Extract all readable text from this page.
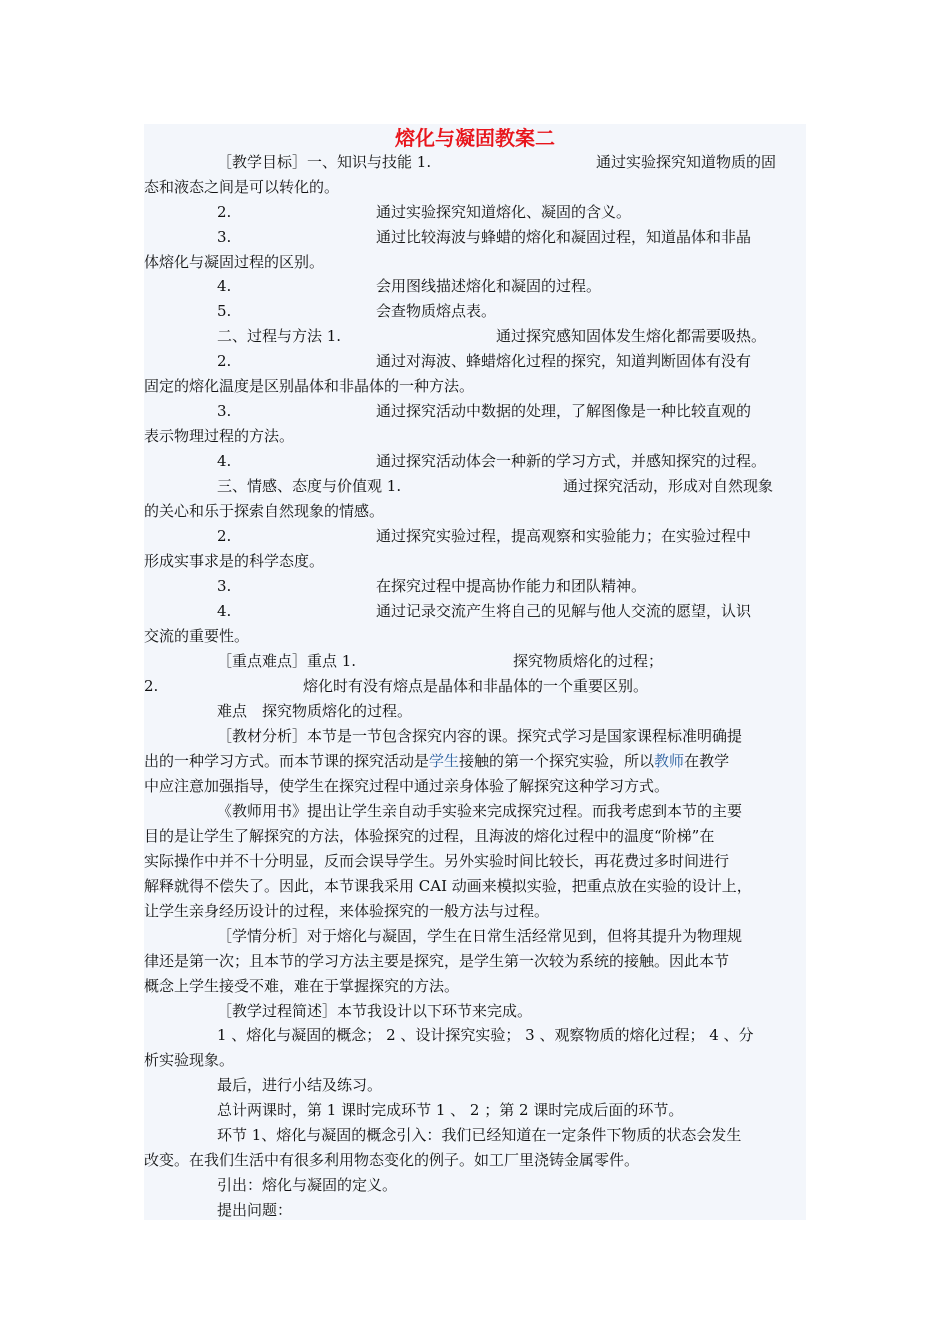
熔化与凝固教案二
［教学目标］一、知识与技能 1.	通过实验探究知道物质的固
态和液态之间是可以转化的。
2.	通过实验探究知道熔化、凝固的含义。
3.	通过比较海波与蜂蜡的熔化和凝固过程，知道晶体和非晶
体熔化与凝固过程的区别。
4.	会用图线描述熔化和凝固的过程。
5.	会查物质熔点表。
二、过程与方法 1.	通过探究感知固体发生熔化都需要吸热。
2.	通过对海波、蜂蜡熔化过程的探究，知道判断固体有没有
固定的熔化温度是区别晶体和非晶体的一种方法。
3.	通过探究活动中数据的处理，了解图像是一种比较直观的
表示物理过程的方法。
4.	通过探究活动体会一种新的学习方式，并感知探究的过程。
三、情感、态度与价值观 1.	通过探究活动，形成对自然现象
的关心和乐于探索自然现象的情感。
2.	通过探究实验过程，提高观察和实验能力；在实验过程中
形成实事求是的科学态度。
3.	在探究过程中提高协作能力和团队精神。
4.	通过记录交流产生将自己的见解与他人交流的愿望，认识
交流的重要性。
［重点难点］重点 1.	探究物质熔化的过程；
2.	熔化时有没有熔点是晶体和非晶体的一个重要区别。
难点　探究物质熔化的过程。
［教材分析］本节是一节包含探究内容的课。探究式学习是国家课程标准明确提
出的一种学习方式。而本节课的探究活动是学生接触的第一个探究实验，所以教师在教学
中应注意加强指导，使学生在探究过程中通过亲身体验了解探究这种学习方式。
《教师用书》提出让学生亲自动手实验来完成探究过程。而我考虑到本节的主要
目的是让学生了解探究的方法，体验探究的过程，且海波的熔化过程中的温度“阶梯”在
实际操作中并不十分明显，反而会误导学生。另外实验时间比较长，再花费过多时间进行
解释就得不偿失了。因此，本节课我采用 CAI 动画来模拟实验，把重点放在实验的设计上，
让学生亲身经历设计的过程，来体验探究的一般方法与过程。
［学情分析］对于熔化与凝固，学生在日常生活经常见到，但将其提升为物理规
律还是第一次；且本节的学习方法主要是探究，是学生第一次较为系统的接触。因此本节
概念上学生接受不难，难在于掌握探究的方法。
［教学过程简述］本节我设计以下环节来完成。
1 、熔化与凝固的概念； 2 、设计探究实验； 3 、观察物质的熔化过程； 4 、分
析实验现象。
最后，进行小结及练习。
总计两课时，第 1 课时完成环节 1 、 2 ；第 2 课时完成后面的环节。
环节 1、熔化与凝固的概念引入：我们已经知道在一定条件下物质的状态会发生
改变。在我们生活中有很多利用物态变化的例子。如工厂里浇铸金属零件。
引出：熔化与凝固的定义。
提出问题：
